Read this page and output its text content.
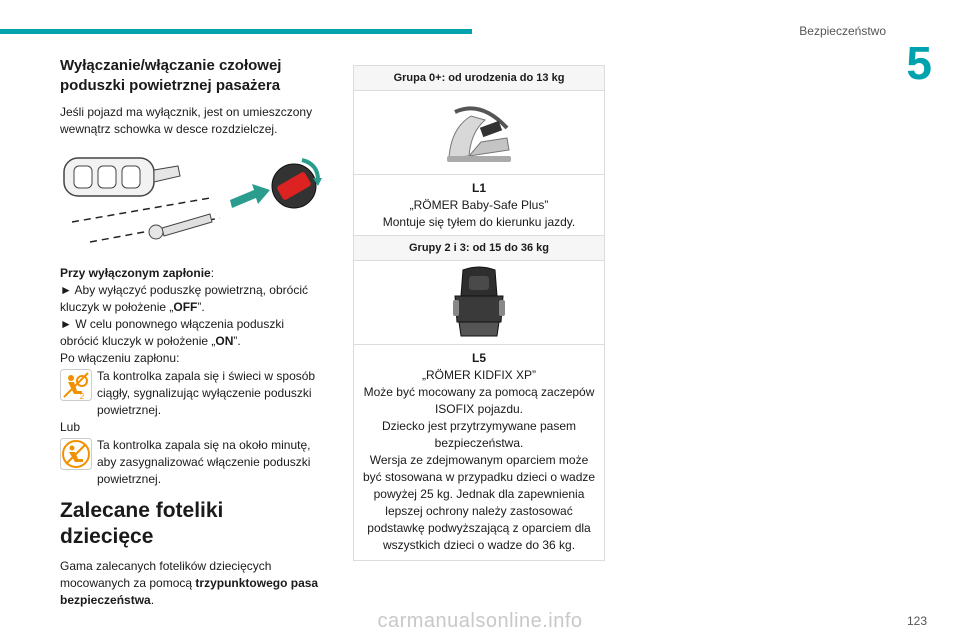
Bezpieczeństwo
5
Wyłączanie/włączanie czołowej poduszki powietrznej pasażera

Jeśli pojazd ma wyłącznik, jest on umieszczony wewnątrz schowka w desce rozdzielczej.

Przy wyłączonym zapłonie:

► Aby wyłączyć poduszkę powietrzną, obrócić kluczyk w położenie „OFF”.

► W celu ponownego włączenia poduszki obrócić kluczyk w położenie „ON”.

Po włączeniu zapłonu:

2
Ta kontrolka zapala się i świeci w sposób ciągły, sygnalizując wyłączenie poduszki powietrznej.

Lub

Ta kontrolka zapala się na około minutę, aby zasygnalizować włączenie poduszki powietrznej.
Zalecane foteliki dziecięce

Gama zalecanych fotelików dziecięcych mocowanych za pomocą trzypunktowego pasa bezpieczeństwa.

Grupa 0+: od urodzenia do 13 kg
L1
„RÖMER Baby-Safe Plus”
Montuje się tyłem do kierunku jazdy.
Grupy 2 i 3: od 15 do 36 kg
L5
„RÖMER KIDFIX XP”
Może być mocowany za pomocą zaczepów ISOFIX pojazdu.
Dziecko jest przytrzymywane pasem bezpieczeństwa.
Wersja ze zdejmowanym oparciem może być stosowana w przypadku dzieci o wadze powyżej 25 kg. Jednak dla zapewnienia lepszej ochrony należy zastosować podstawkę podwyższającą z oparciem dla wszystkich dzieci o wadze do 36 kg.
123
carmanualsonline.info
